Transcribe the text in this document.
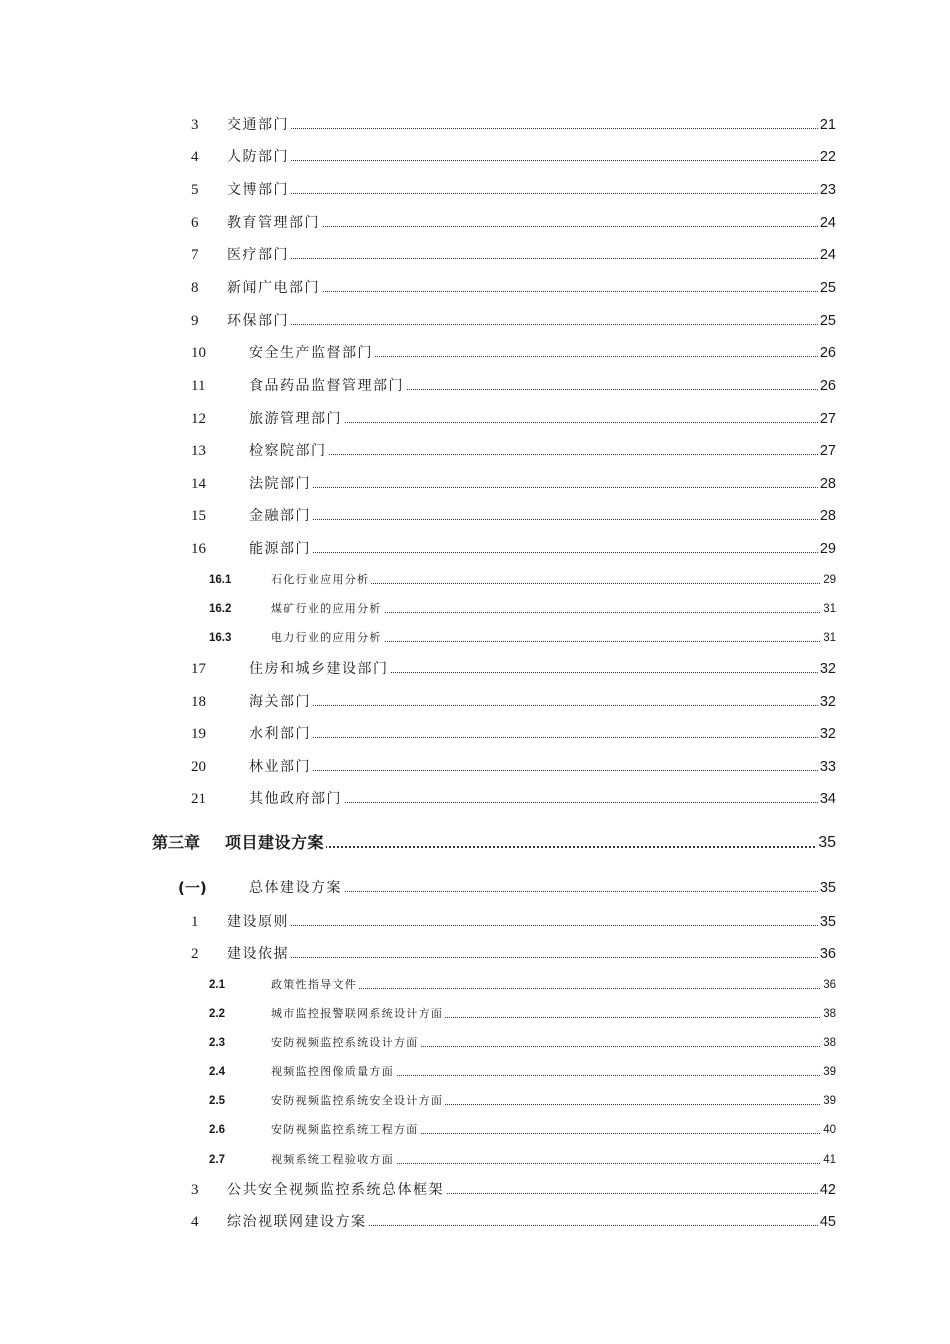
3 交通部门	21
4 人防部门	22
5 文博部门	23
6 教育管理部门	24
7 医疗部门	24
8 新闻广电部门	25
9 环保部门	25
10	安全生产监督部门	26
11	食品药品监督管理部门	26
12	旅游管理部门	27
13	检察院部门	27
14	法院部门	28
15	金融部门	28
16	能源部门	29
16.1	石化行业应用分析	29
16.2	煤矿行业的应用分析	31
16.3	电力行业的应用分析	31
17	住房和城乡建设部门	32
18	海关部门	32
19	水利部门	32
20	林业部门	33
21	其他政府部门	34
第三章 项目建设方案	35
(一)	总体建设方案	35
1 建设原则	35
2 建设依据	36
2.1	政策性指导文件	36
2.2	城市监控报警联网系统设计方面	38
2.3	安防视频监控系统设计方面	38
2.4	视频监控图像质量方面	39
2.5	安防视频监控系统安全设计方面	39
2.6	安防视频监控系统工程方面	40
2.7	视频系统工程验收方面	41
3 公共安全视频监控系统总体框架	42
4 综治视联网建设方案	45
